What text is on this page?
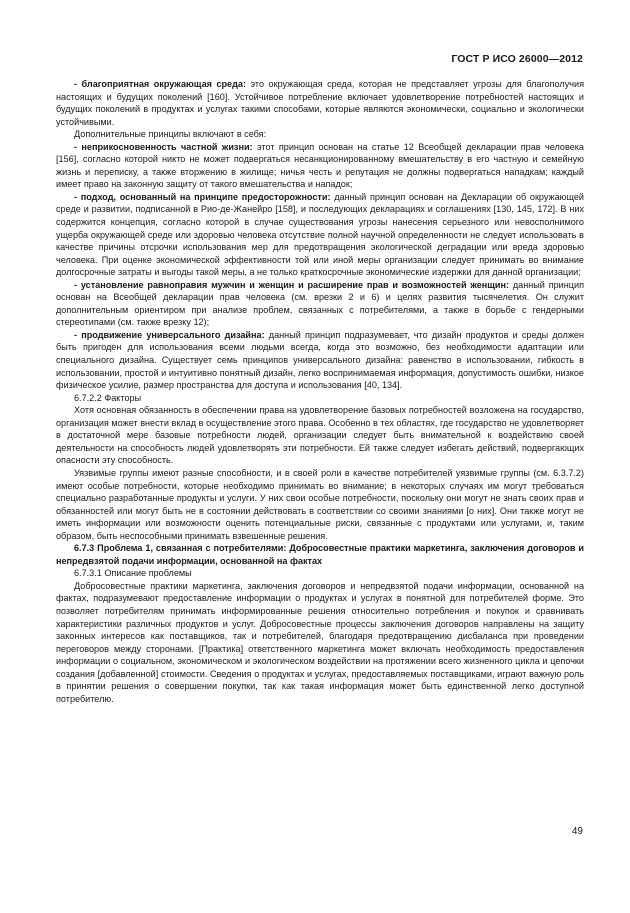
ГОСТ Р ИСО 26000—2012

- благоприятная окружающая среда: это окружающая среда, которая не представляет угрозы для благополучия настоящих и будущих поколений [160]. Устойчивое потребление включает удовлетворение потребностей настоящих и будущих поколений в продуктах и услугах такими способами, которые являются экономически, социально и экологически устойчивыми.

Дополнительные принципы включают в себя:

- неприкосновенность частной жизни: этот принцип основан на статье 12 Всеобщей декларации прав человека [156], согласно которой никто не может подвергаться несанкционированному вмешательству в его частную и семейную жизнь и переписку, а также вторжению в жилище; ничья честь и репутация не должны подвергаться нападкам; каждый имеет право на законную защиту от такого вмешательства и нападок;

- подход, основанный на принципе предосторожности: данный принцип основан на Декларации об окружающей среде и развитии, подписанной в Рио-де-Жанейро [158], и последующих декларациях и соглашениях [130, 145, 172]. В них содержится концепция, согласно которой в случае существования угрозы нанесения серьезного или невосполнимого ущерба окружающей среде или здоровью человека отсутствие полной научной определенности не следует использовать в качестве причины отсрочки использования мер для предотвращения экологической деградации или вреда здоровью человека. При оценке экономической эффективности той или иной меры организации следует принимать во внимание долгосрочные затраты и выгоды такой меры, а не только краткосрочные экономические издержки для данной организации;

- установление равноправия мужчин и женщин и расширение прав и возможностей женщин: данный принцип основан на Всеобщей декларации прав человека (см. врезки 2 и 6) и целях развития тысячелетия. Он служит дополнительным ориентиром при анализе проблем, связанных с потребителями, а также в борьбе с гендерными стереотипами (см. также врезку 12);

- продвижение универсального дизайна: данный принцип подразумевает, что дизайн продуктов и среды должен быть пригоден для использования всеми людьми всегда, когда это возможно, без необходимости адаптации или специального дизайна. Существует семь принципов универсального дизайна: равенство в использовании, гибкость в использовании, простой и интуитивно понятный дизайн, легко воспринимаемая информация, допустимость ошибки, низкое физическое усилие, размер пространства для доступа и использования [40, 134].

6.7.2.2 Факторы

Хотя основная обязанность в обеспечении права на удовлетворение базовых потребностей возложена на государство, организация может внести вклад в осуществление этого права. Особенно в тех областях, где государство не удовлетворяет в достаточной мере базовые потребности людей, организации следует быть внимательной к воздействию своей деятельности на способность людей удовлетворять эти потребности. Ей также следует избегать действий, подвергающих опасности эту способность.

Уязвимые группы имеют разные способности, и в своей роли в качестве потребителей уязвимые группы (см. 6.3.7.2) имеют особые потребности, которые необходимо принимать во внимание; в некоторых случаях им могут требоваться специально разработанные продукты и услуги. У них свои особые потребности, поскольку они могут не знать своих прав и обязанностей или могут быть не в состоянии действовать в соответствии со своими знаниями [о них]. Они также могут не иметь информации или возможности оценить потенциальные риски, связанные с продуктами или услугами, и, таким образом, быть неспособными принимать взвешенные решения.

6.7.3 Проблема 1, связанная с потребителями: Добросовестные практики маркетинга, заключения договоров и непредвзятой подачи информации, основанной на фактах

6.7.3.1 Описание проблемы

Добросовестные практики маркетинга, заключения договоров и непредвзятой подачи информации, основанной на фактах, подразумевают предоставление информации о продуктах и услугах в понятной для потребителей форме. Это позволяет потребителям принимать информированные решения относительно потребления и покупок и сравнивать характеристики различных продуктов и услуг. Добросовестные процессы заключения договоров направлены на защиту законных интересов как поставщиков, так и потребителей, благодаря предотвращению дисбаланса при проведении переговоров между сторонами. [Практика] ответственного маркетинга может включать необходимость предоставления информации о социальном, экономическом и экологическом воздействии на протяжении всего жизненного цикла и цепочки создания [добавленной] стоимости. Сведения о продуктах и услугах, предоставляемых поставщиками, играют важную роль в принятии решения о совершении покупки, так как такая информация может быть единственной легко доступной потребителю.

49
